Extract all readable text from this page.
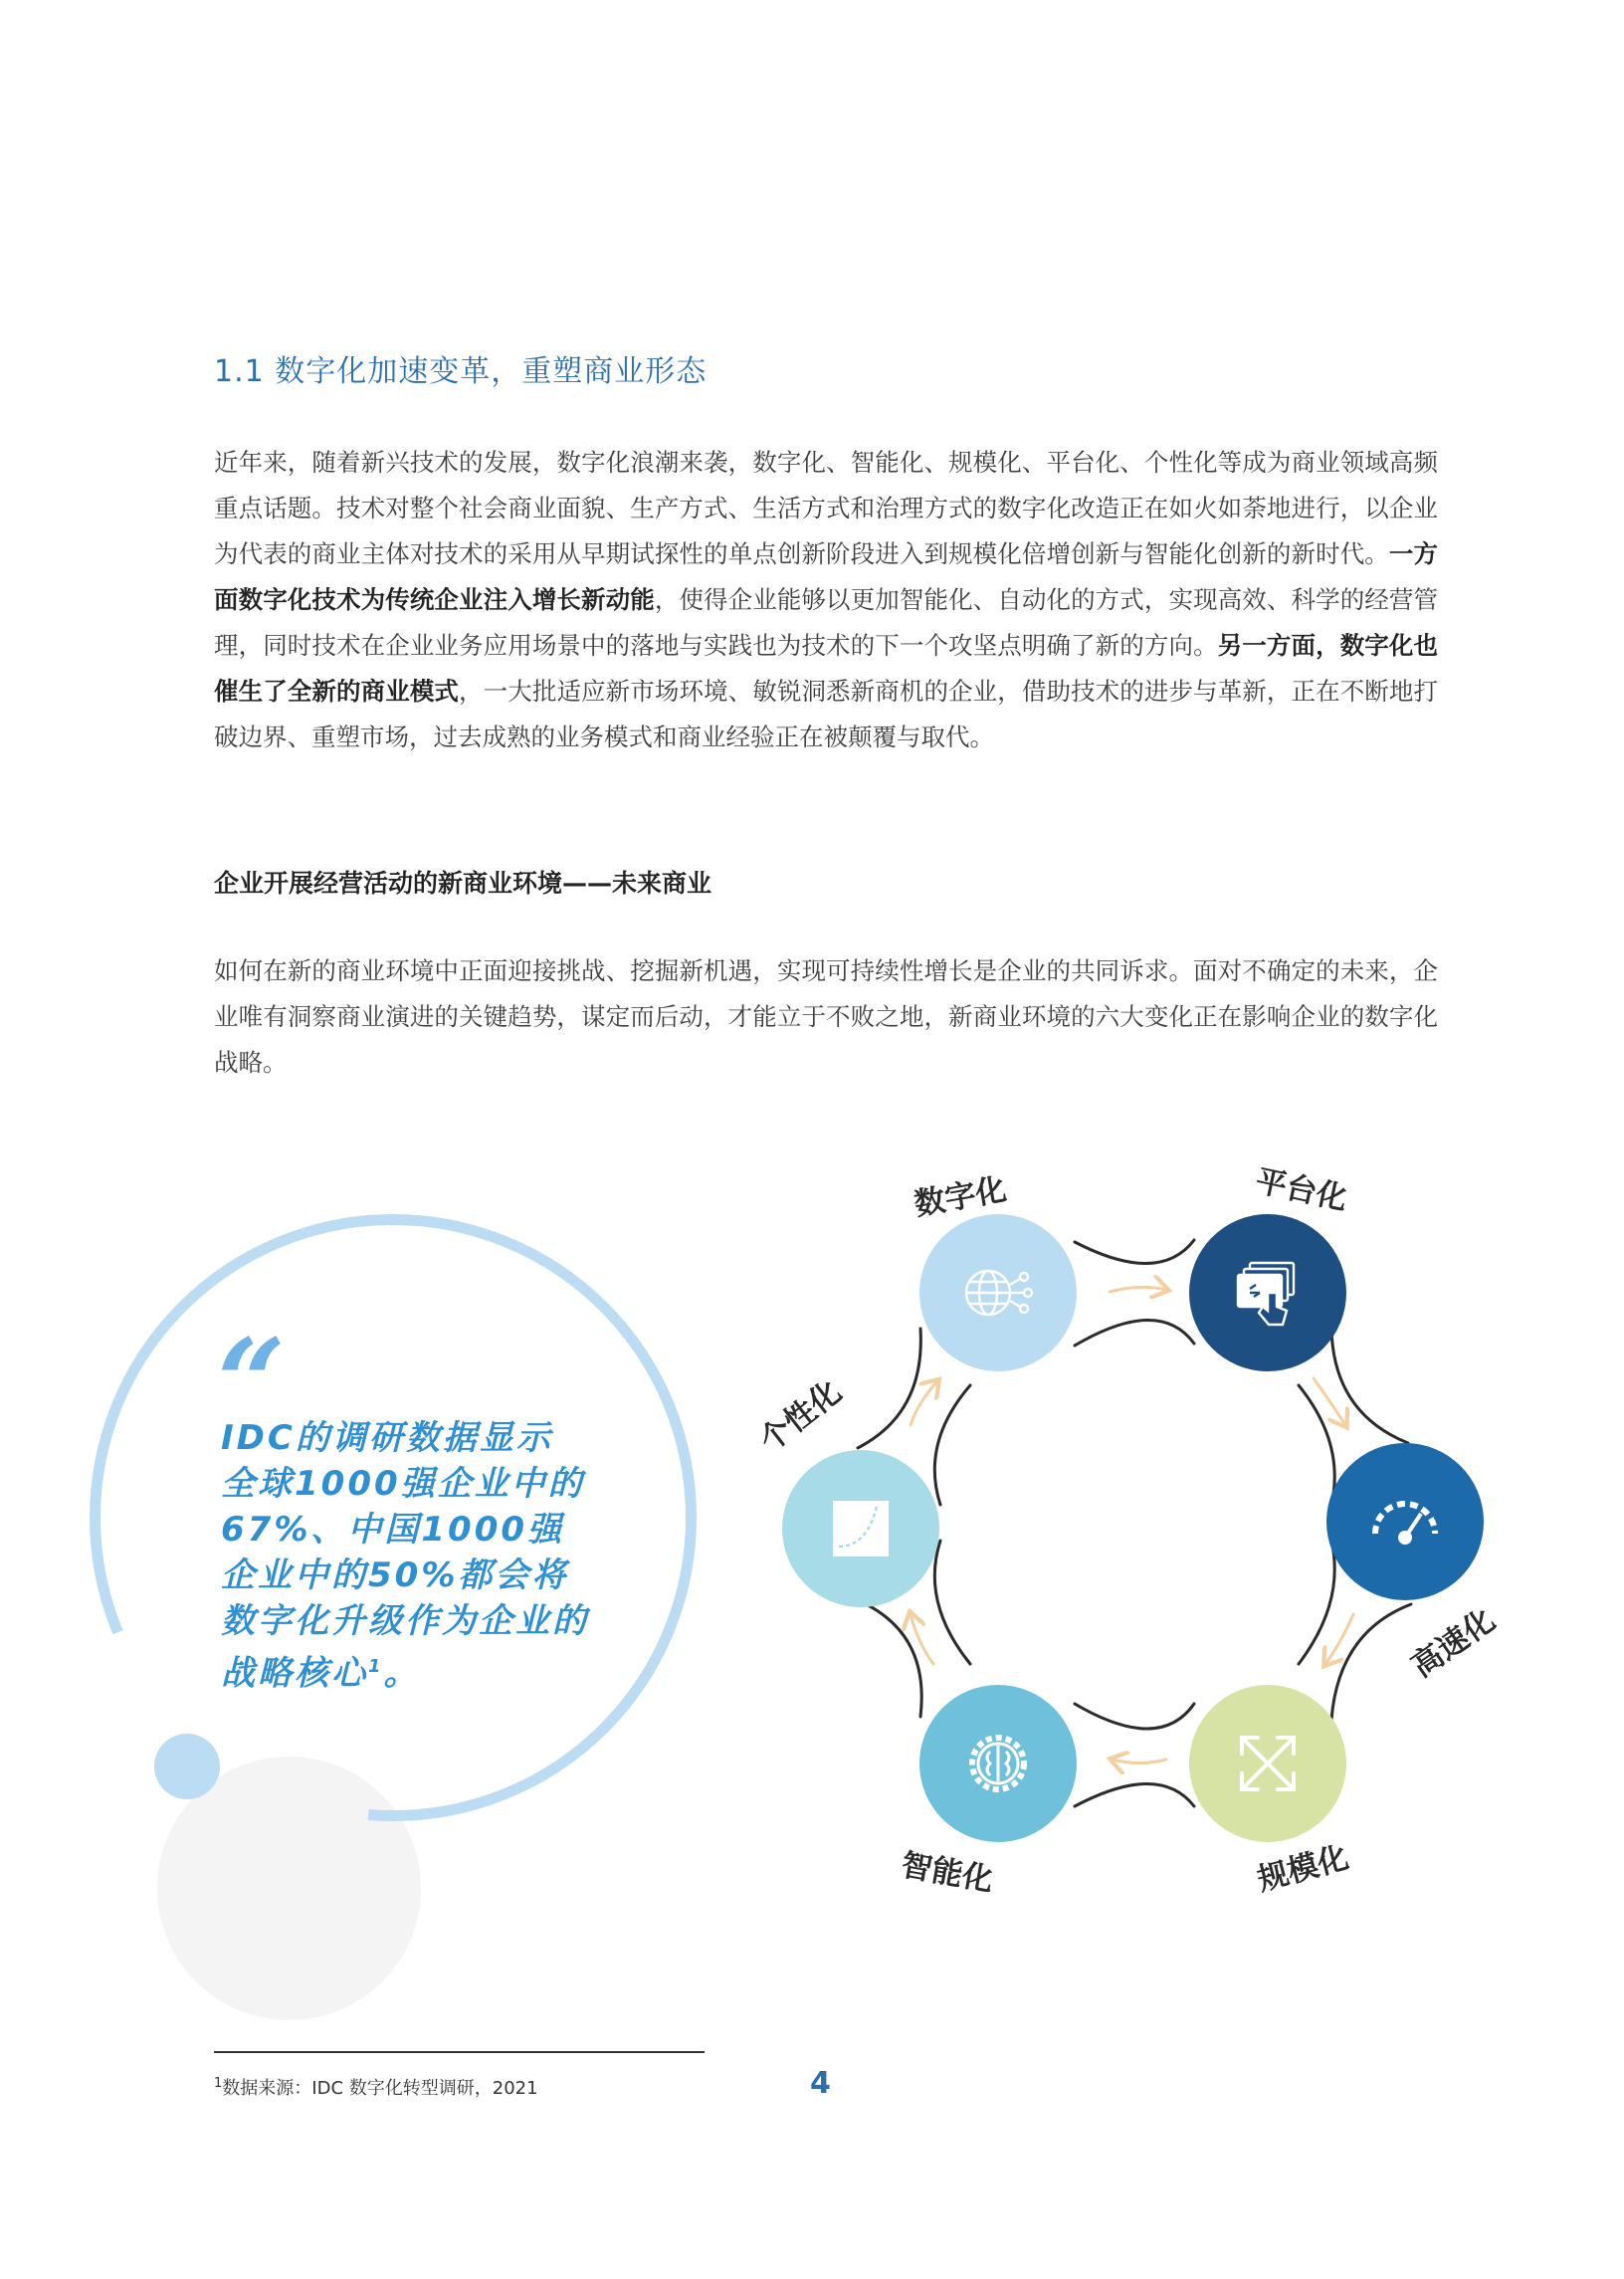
1.1 数字化加速变革，重塑商业形态

近年来，随着新兴技术的发展，数字化浪潮来袭，数字化、智能化、规模化、平台化、个性化等成为商业领域高频重点话题。技术对整个社会商业面貌、生产方式、生活方式和治理方式的数字化改造正在如火如荼地进行，以企业为代表的商业主体对技术的采用从早期试探性的单点创新阶段进入到规模化倍增创新与智能化创新的新时代。一方面数字化技术为传统企业注入增长新动能，使得企业能够以更加智能化、自动化的方式，实现高效、科学的经营管理，同时技术在企业业务应用场景中的落地与实践也为技术的下一个攻坚点明确了新的方向。另一方面，数字化也催生了全新的商业模式，一大批适应新市场环境、敏锐洞悉新商机的企业，借助技术的进步与革新，正在不断地打破边界、重塑市场，过去成熟的业务模式和商业经验正在被颠覆与取代。

企业开展经营活动的新商业环境——未来商业

如何在新的商业环境中正面迎接挑战、挖掘新机遇，实现可持续性增长是企业的共同诉求。面对不确定的未来，企业唯有洞察商业演进的关键趋势，谋定而后动，才能立于不败之地，新商业环境的六大变化正在影响企业的数字化战略。

“
IDC的调研数据显示全球1000强企业中的67%、中国1000强企业中的50%都会将数字化升级作为企业的战略核心$^1$。
数字化	平台化
高速化
规模化
智能化
个性化
$^1$数据来源：IDC 数字化转型调研，2021	4
